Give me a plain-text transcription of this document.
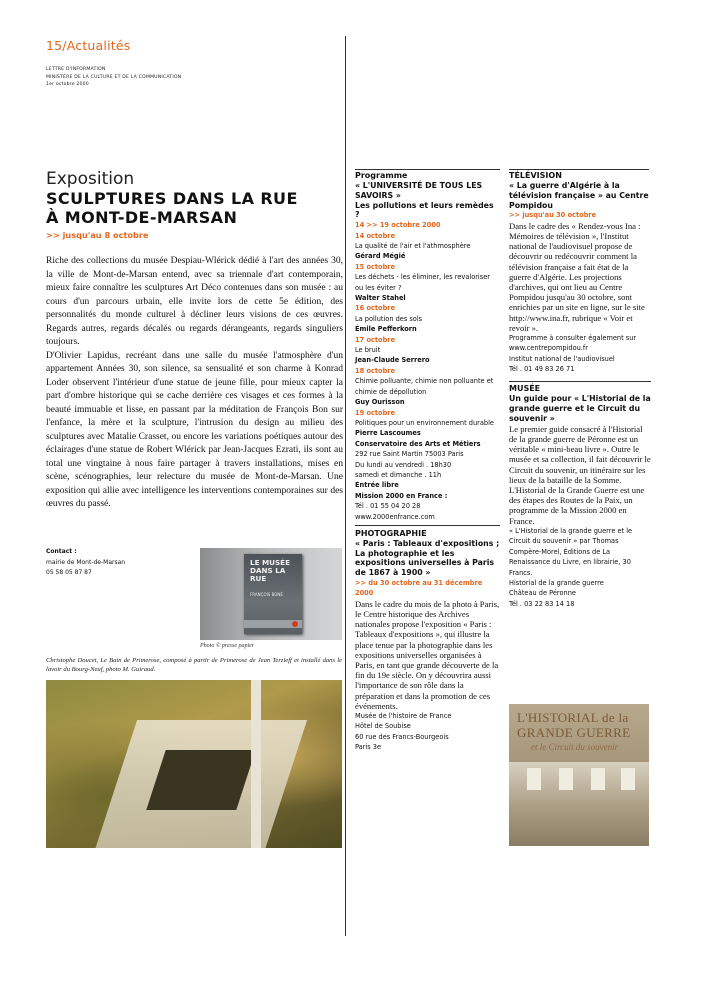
15/Actualités
LETTRE D'INFORMATION
MINISTÈRE DE LA CULTURE ET DE LA COMMUNICATION
1er octobre 2000
Exposition
SCULPTURES DANS LA RUE
À MONT-DE-MARSAN
>> jusqu'au 8 octobre

Riche des collections du musée Despiau-Wlérick dédié à l'art des années 30, la ville de Mont-de-Marsan entend, avec sa triennale d'art contemporain, mieux faire connaître les sculptures Art Déco contenues dans son musée : au cours d'un parcours urbain, elle invite lors de cette 5e édition, des personnalités du monde culturel à décliner leurs visions de ces œuvres. Regards autres, regards décalés ou regards dérangeants, regards singuliers toujours.

D'Olivier Lapidus, recréant dans une salle du musée l'atmosphère d'un appartement Années 30, son silence, sa sensualité et son charme à Konrad Loder observent l'intérieur d'une statue de jeune fille, pour mieux capter la part d'ombre historique qui se cache derrière ces visages et ces formes à la beauté immuable et lisse, en passant par la méditation de François Bon sur l'enfance, la mère et la sculpture, l'intrusion du design au milieu des sculptures avec Matalie Crasset, ou encore les variations poétiques autour des éclairages d'une statue de Robert Wlérick par Jean-Jacques Ezrati, ils sont au total une vingtaine à nous faire partager à travers installations, mises en scène, scénographies, leur relecture du musée de Mont-de-Marsan. Une exposition qui allie avec intelligence les interventions contemporaines sur des œuvres du passé.

Contact :
mairie de Mont-de-Marsan
05 58 05 87 87
LE MUSÉE DANS LA RUE
FRANÇOIS BONÉ
Photo © presse papier
Christophe Doucet, Le Bain de Primerose, composé à partir de Primerose de Jean Terzieff et installé dans le lavoir du Bourg-Neuf, photo M. Guiraud.
Programme
« L'UNIVERSITÉ DE TOUS LES SAVOIRS »
Les pollutions et leurs remèdes ?
14 >> 19 octobre 2000
14 octobre
La qualité de l'air et l'athmosphère
Gérard Mégié
15 octobre
Les déchets - les éliminer, les revaloriser ou les éviter ?
Walter Stahel
16 octobre
La pollution des sols
Émile Pefferkorn
17 octobre
Le bruit
Jean-Claude Serrero
18 octobre
Chimie polluante, chimie non polluante et chimie de dépollution
Guy Ourisson
19 octobre
Politiques pour un environnement durable
Pierre Lascoumes
Conservatoire des Arts et Métiers
292 rue Saint Martin 75003 Paris
Du lundi au vendredi . 18h30
samedi et dimanche . 11h
Entrée libre
Mission 2000 en France :
Tél . 01 55 04 20 28
www.2000enfrance.com
PHOTOGRAPHIE
« Paris : Tableaux d'expositions ; La photographie et les expositions universelles à Paris de 1867 à 1900 »
>> du 30 octobre au 31 décembre 2000
Dans le cadre du mois de la photo à Paris, le Centre historique des Archives nationales propose l'exposition « Paris : Tableaux d'expositions », qui illustre la place tenue par la photographie dans les expositions universelles organisées à Paris, en tant que grande découverte de la fin du 19e siècle. On y découvrira aussi l'importance de son rôle dans la préparation et dans la promotion de ces événements.
Musée de l'histoire de France
Hôtel de Soubise
60 rue des Francs-Bourgeois
Paris 3e
TÉLÉVISION
« La guerre d'Algérie à la télévision française » au Centre Pompidou
>> jusqu'au 30 octobre
Dans le cadre des « Rendez-vous Ina : Mémoires de télévision », l'Institut national de l'audiovisuel propose de découvrir ou redécouvrir comment la télévision française a fait état de la guerre d'Algérie. Les projections d'archives, qui ont lieu au Centre Pompidou jusqu'au 30 octobre, sont enrichies par un site en ligne, sur le site http://www.ina.fr, rubrique « Voir et revoir ».
Programme à consulter également sur www.centrepompidou.fr
Institut national de l'audiovisuel
Tél . 01 49 83 26 71
MUSÉE
Un guide pour « L'Historial de la grande guerre et le Circuit du souvenir »
Le premier guide consacré à l'Historial de la grande guerre de Péronne est un véritable « mini-beau livre ». Outre le musée et sa collection, il fait découvrir le Circuit du souvenir, un itinéraire sur les lieux de la bataille de la Somme. L'Historial de la Grande Guerre est une des étapes des Routes de la Paix, un programme de la Mission 2000 en France.
« L'Historial de la grande guerre et le Circuit du souvenir » par Thomas Compère-Morel, Éditions de La Renaissance du Livre, en librairie, 30 Francs.
Historial de la grande guerre
Château de Péronne
Tél . 03 22 83 14 18
L'HISTORIAL de la GRANDE GUERRE
et le Circuit du souvenir
